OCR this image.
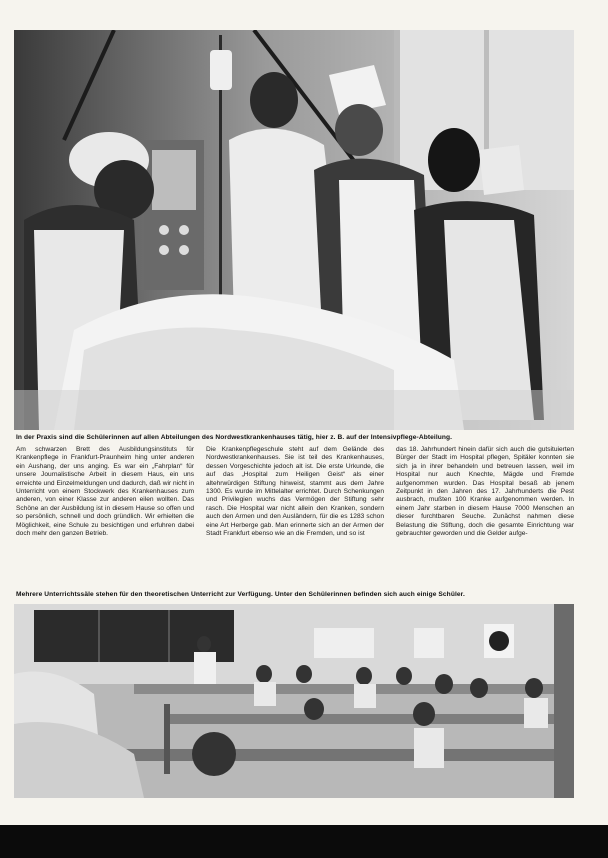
In der Praxis sind die Schülerinnen auf allen Abteilungen des Nordwestkrankenhauses tätig, hier z. B. auf der Intensivpflege-Abteilung.

Am schwarzen Brett des Ausbildungsinstituts für Krankenpflege in Frankfurt-Praunheim hing unter anderen ein Aushang, der uns anging. Es war ein „Fahrplan“ für unsere Journalistische Arbeit in diesem Haus, ein uns erreichte und Einzelmeldungen und dadurch, daß wir nicht in Unterricht von einem Stockwerk des Krankenhauses zum anderen, von einer Klasse zur anderen eilen wollten. Das Schöne an der Ausbildung ist in diesem Hause so offen und so persönlich, schnell und doch gründlich. Wir erhielten die Möglichkeit, eine Schule zu besichtigen und erfuhren dabei doch mehr den ganzen Betrieb.

Die Krankenpflegeschule steht auf dem Gelände des Nordwestkrankenhauses. Sie ist teil des Krankenhauses, dessen Vorgeschichte jedoch alt ist. Die erste Urkunde, die auf das „Hospital zum Heiligen Geist“ als einer altehrwürdigen Stiftung hinweist, stammt aus dem Jahre 1300. Es wurde im Mittelalter errichtet. Durch Schenkungen und Privilegien wuchs das Vermögen der Stiftung sehr rasch. Die Hospital war nicht allein den Kranken, sondern auch den Armen und den Ausländern, für die es 1283 schon eine Art Herberge gab. Man erinnerte sich an der Armen der Stadt Frankfurt ebenso wie an die Fremden, und so ist

das 18. Jahrhundert hinein dafür sich auch die gutsituierten Bürger der Stadt im Hospital pflegen, Spitäler konnten sie sich ja in ihrer behandeln und betreuen lassen, weil im Hospital nur auch Knechte, Mägde und Fremde aufgenommen wurden. Das Hospital besaß ab jenem Zeitpunkt in den Jahren des 17. Jahrhunderts die Pest ausbrach, mußten 100 Kranke aufgenommen werden. In einem Jahr starben in diesem Hause 7000 Menschen an dieser furchtbaren Seuche. Zunächst nahmen diese Belastung die Stiftung, doch die gesamte Einrichtung war gebrauchter geworden und die Gelder aufge-

Mehrere Unterrichtssäle stehen für den theoretischen Unterricht zur Verfügung. Unter den Schülerinnen befinden sich auch einige Schüler.
